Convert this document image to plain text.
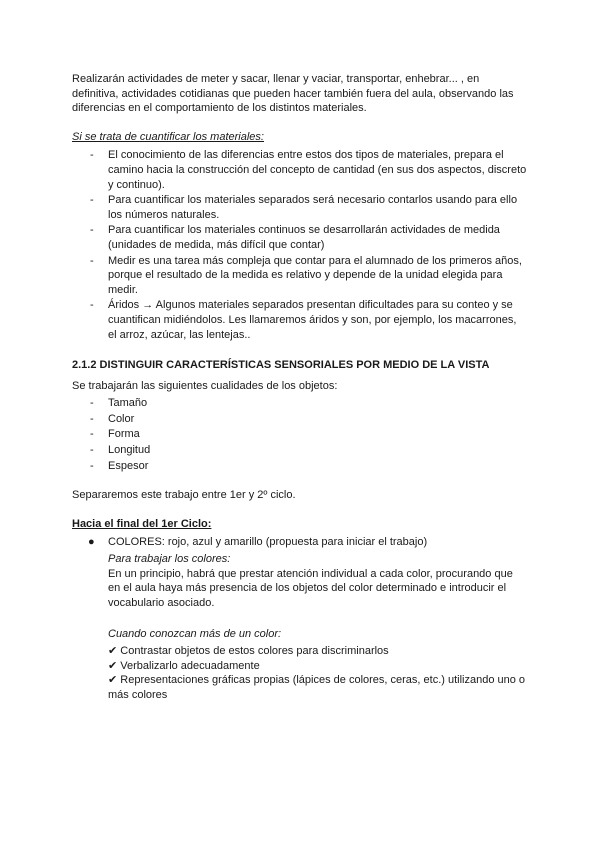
Realizarán actividades de meter y sacar, llenar y vaciar, transportar, enhebrar... , en definitiva, actividades cotidianas que pueden hacer también fuera del aula, observando las diferencias en el comportamiento de los distintos materiales.

Si se trata de cuantificar los materiales:

- El conocimiento de las diferencias entre estos dos tipos de materiales, prepara el camino hacia la construcción del concepto de cantidad (en sus dos aspectos, discreto y continuo).
- Para cuantificar los materiales separados será necesario contarlos usando para ello los números naturales.
- Para cuantificar los materiales continuos se desarrollarán actividades de medida (unidades de medida, más difícil que contar)
- Medir es una tarea más compleja que contar para el alumnado de los primeros años, porque el resultado de la medida es relativo y depende de la unidad elegida para medir.
- Áridos → Algunos materiales separados presentan dificultades para su conteo y se cuantifican midiéndolos. Les llamaremos áridos y son, por ejemplo, los macarrones, el arroz, azúcar, las lentejas..

2.1.2 DISTINGUIR CARACTERÍSTICAS SENSORIALES POR MEDIO DE LA VISTA

Se trabajarán las siguientes cualidades de los objetos:

- Tamaño
- Color
- Forma
- Longitud
- Espesor

Separaremos este trabajo entre 1er y 2º ciclo.

Hacia el final del 1er Ciclo:

● COLORES: rojo, azul y amarillo (propuesta para iniciar el trabajo)

Para trabajar los colores:

En un principio, habrá que prestar atención individual a cada color, procurando que en el aula haya más presencia de los objetos del color determinado e introducir el vocabulario asociado.

Cuando conozcan más de un color:

✔ Contrastar objetos de estos colores para discriminarlos
✔ Verbalizarlo adecuadamente
✔ Representaciones gráficas propias (lápices de colores, ceras, etc.) utilizando uno o más colores
